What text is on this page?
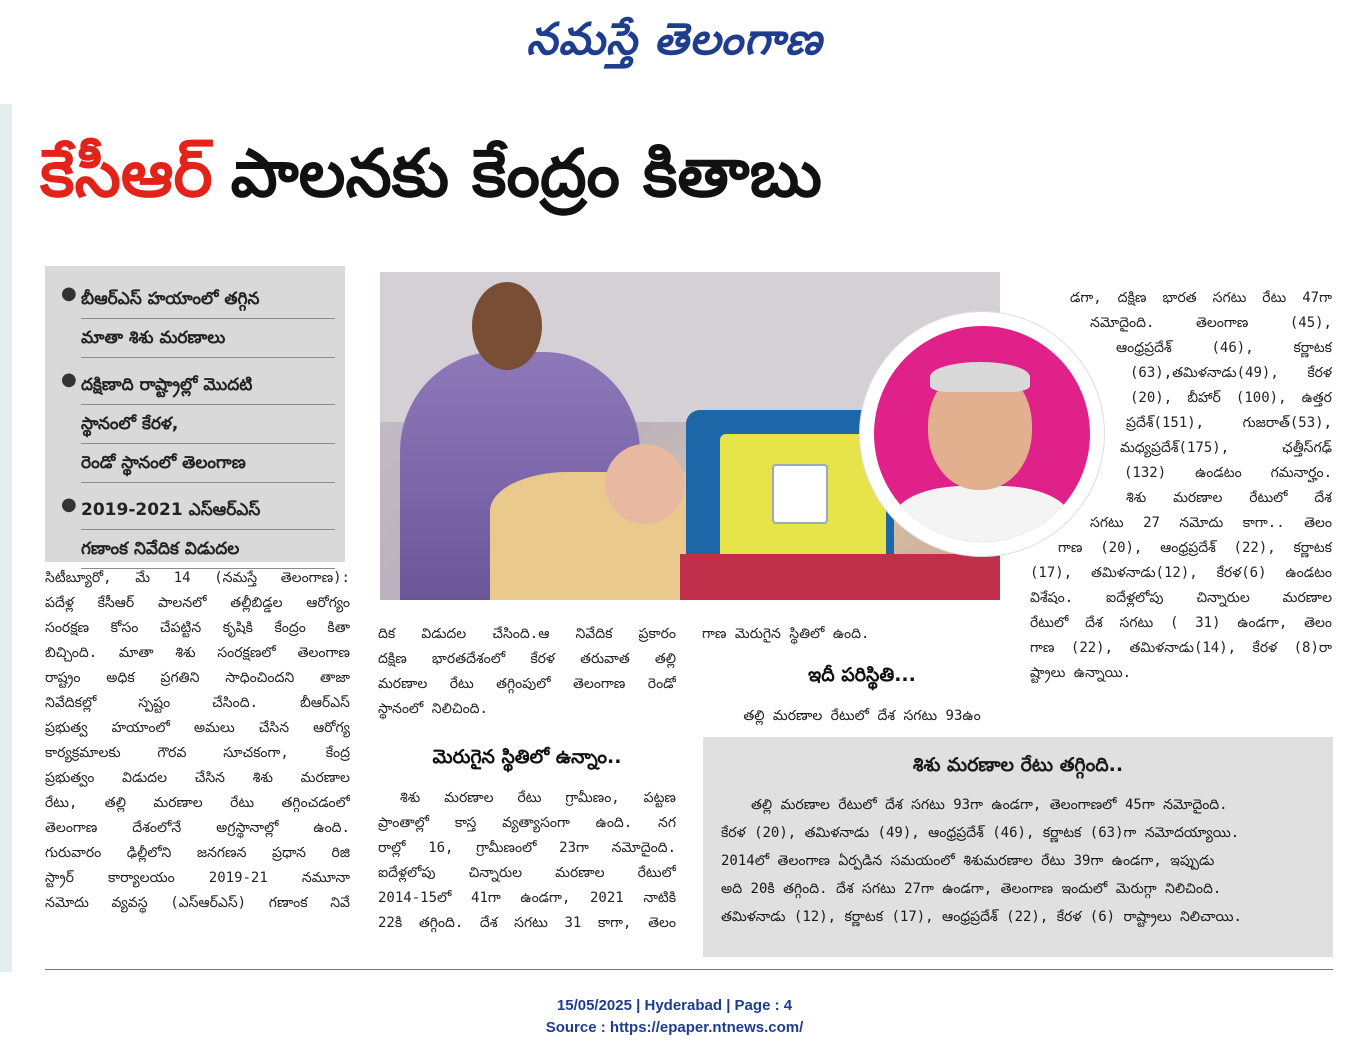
నమస్తే తెలంగాణ
కేసీఆర్ పాలనకు కేంద్రం కితాబు
● బీఆర్ఎస్ హయాంలో తగ్గిన
మాతా శిశు మరణాలు
● దక్షిణాది రాష్ట్రాల్లో మొదటి
స్థానంలో కేరళ,
రెండో స్థానంలో తెలంగాణ
● 2019-2021 ఎస్ఆర్ఎస్
గణాంక నివేదిక విడుదల
డగా, దక్షిణ భారత సగటు రేటు 47గా
నమోదైంది. తెలంగాణ (45),
ఆంధ్రప్రదేశ్ (46), కర్ణాటక
(63),తమిళనాడు(49), కేరళ
(20), బీహార్ (100), ఉత్తర
ప్రదేశ్(151), గుజరాత్(53),
మధ్యప్రదేశ్(175), ఛత్తీస్‌గఢ్
(132) ఉండటం గమనార్హం.
శిశు మరణాల రేటులో దేశ
సగటు 27 నమోదు కాగా.. తెలం
గాణ (20), ఆంధ్రప్రదేశ్ (22), కర్ణాటక
(17), తమిళనాడు(12), కేరళ(6) ఉండటం
విశేషం. ఐదేళ్లలోపు చిన్నారుల మరణాల
రేటులో దేశ సగటు ( 31) ఉండగా, తెలం
గాణ (22), తమిళనాడు(14), కేరళ (8)రా
ష్ట్రాలు ఉన్నాయి.
సిటీబ్యూరో, మే 14 (నమస్తే తెలంగాణ):
పదేళ్ల కేసీఆర్ పాలనలో తల్లీబిడ్డల ఆరోగ్యం
సంరక్షణ కోసం చేపట్టిన కృషికి కేంద్రం కితా
బిచ్చింది. మాతా శిశు సంరక్షణలో తెలంగాణ
రాష్ట్రం అధిక ప్రగతిని సాధించిందని తాజా
నివేదికల్లో స్పష్టం చేసింది. బీఆర్ఎస్
ప్రభుత్వ హయాంలో అమలు చేసిన ఆరోగ్య
కార్యక్రమాలకు గౌరవ సూచకంగా, కేంద్ర
ప్రభుత్వం విడుదల చేసిన శిశు మరణాల
రేటు, తల్లి మరణాల రేటు తగ్గించడంలో
తెలంగాణ దేశంలోనే అగ్రస్థానాల్లో ఉంది.
గురువారం ఢిల్లీలోని జనగణన ప్రధాన రిజి
స్ట్రార్ కార్యాలయం 2019-21 నమూనా
నమోదు వ్యవస్థ (ఎస్ఆర్ఎస్) గణాంక నివే
దిక విడుదల చేసింది.ఆ నివేదిక ప్రకారం
దక్షిణ భారతదేశంలో కేరళ తరువాత తల్లి
మరణాల రేటు తగ్గింపులో తెలంగాణ రెండో
స్థానంలో నిలిచింది.
మెరుగైన స్థితిలో ఉన్నాం..
శిశు మరణాల రేటు గ్రామీణం, పట్టణ
ప్రాంతాల్లో కాస్త వ్యత్యాసంగా ఉంది. నగ
రాల్లో 16, గ్రామీణంలో 23గా నమోదైంది.
ఐదేళ్లలోపు చిన్నారుల మరణాల రేటులో
2014-15లో 41గా ఉండగా, 2021 నాటికి
22కి తగ్గింది. దేశ సగటు 31 కాగా, తెలం
గాణ మెరుగైన స్థితిలో ఉంది.
ఇదీ పరిస్థితి...
తల్లి మరణాల రేటులో దేశ సగటు 93ఉం
శిశు మరణాల రేటు తగ్గింది..
తల్లి మరణాల రేటులో దేశ సగటు 93గా ఉండగా, తెలంగాణలో 45గా నమోదైంది.
కేరళ (20), తమిళనాడు (49), ఆంధ్రప్రదేశ్ (46), కర్ణాటక (63)గా నమోదయ్యాయి.
2014లో తెలంగాణ ఏర్పడిన సమయంలో శిశుమరణాల రేటు 39గా ఉండగా, ఇప్పుడు
అది 20కి తగ్గింది. దేశ సగటు 27గా ఉండగా, తెలంగాణ ఇందులో మెరుగ్గా నిలిచింది.
తమిళనాడు (12), కర్ణాటక (17), ఆంధ్రప్రదేశ్ (22), కేరళ (6) రాష్ట్రాలు నిలిచాయి.
15/05/2025 | Hyderabad | Page : 4
Source : https://epaper.ntnews.com/
